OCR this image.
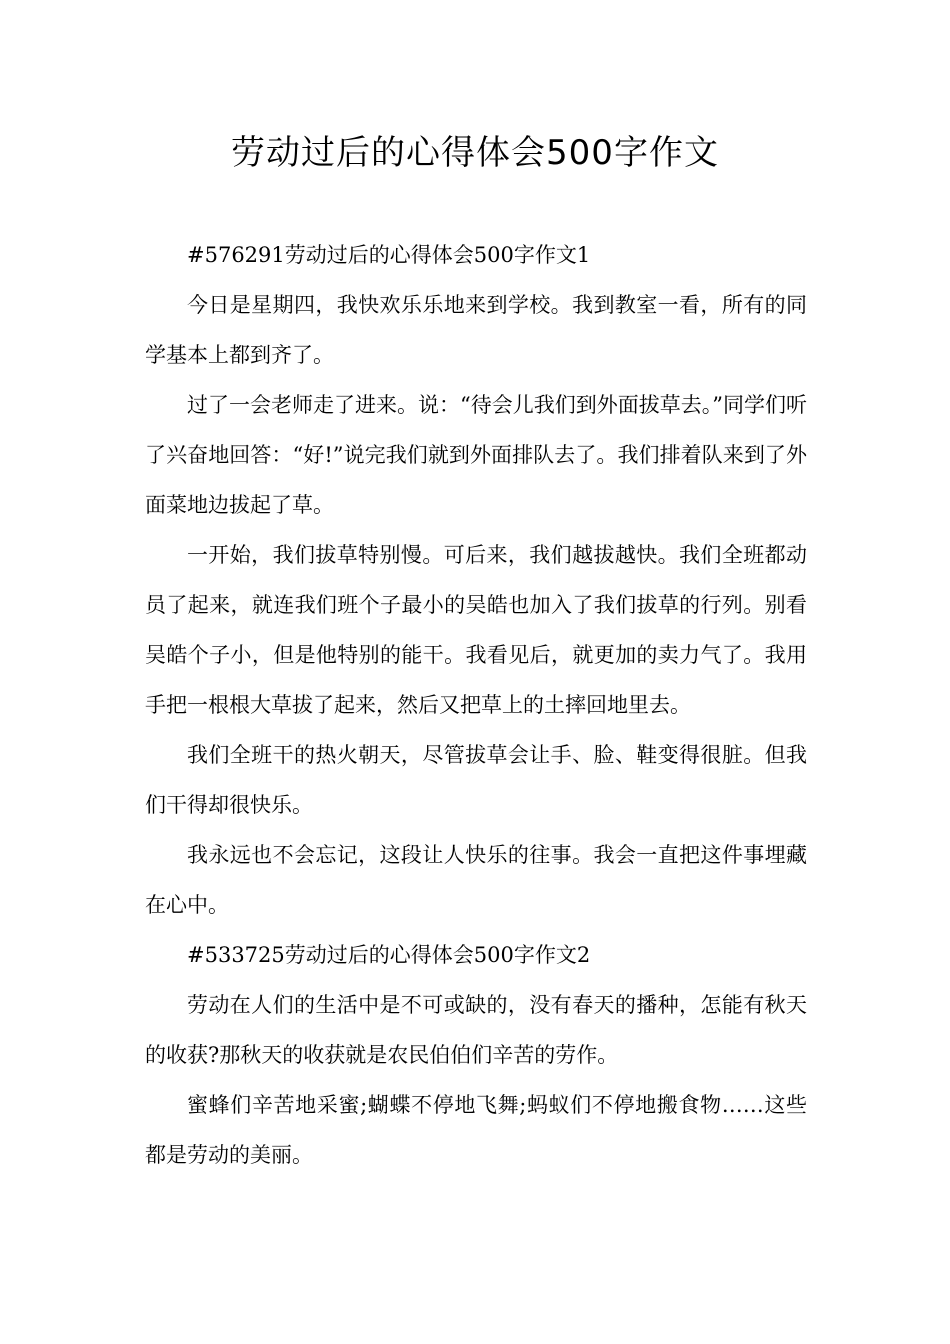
劳动过后的心得体会500字作文

#576291劳动过后的心得体会500字作文1

今日是星期四，我快欢乐乐地来到学校。我到教室一看，所有的同学基本上都到齐了。

过了一会老师走了进来。说：“待会儿我们到外面拔草去。”同学们听了兴奋地回答：“好!”说完我们就到外面排队去了。我们排着队来到了外面菜地边拔起了草。

一开始，我们拔草特别慢。可后来，我们越拔越快。我们全班都动员了起来，就连我们班个子最小的吴皓也加入了我们拔草的行列。别看吴皓个子小，但是他特别的能干。我看见后，就更加的卖力气了。我用手把一根根大草拔了起来，然后又把草上的土摔回地里去。

我们全班干的热火朝天，尽管拔草会让手、脸、鞋变得很脏。但我们干得却很快乐。

我永远也不会忘记，这段让人快乐的往事。我会一直把这件事埋藏在心中。

#533725劳动过后的心得体会500字作文2

劳动在人们的生活中是不可或缺的，没有春天的播种，怎能有秋天的收获?那秋天的收获就是农民伯伯们辛苦的劳作。

蜜蜂们辛苦地采蜜;蝴蝶不停地飞舞;蚂蚁们不停地搬食物……这些都是劳动的美丽。
